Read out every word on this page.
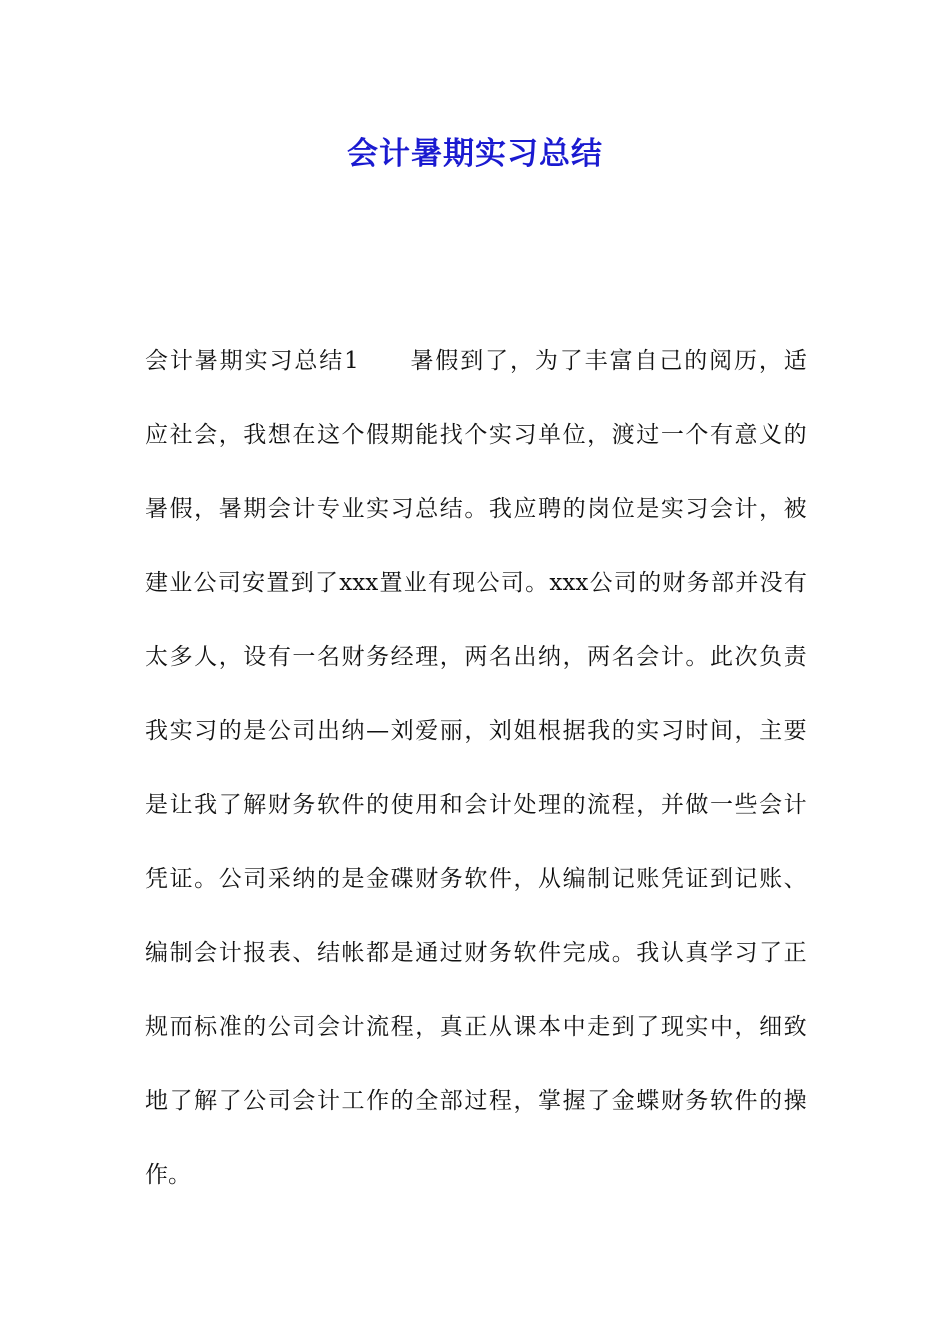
会计暑期实习总结
会 计 暑 期 实 习 总 结 1

　 暑 假 到 了 ， 为 了 丰 富 自 己 的 阅 历 ， 适
应 社 会 ， 我 想 在 这 个 假 期 能 找 个 实 习 单 位 ， 渡 过 一 个 有 意 义 的
暑 假 ， 暑 期 会 计 专 业 实 习 总 结 。 我 应 聘 的 岗 位 是 实 习 会 计 ， 被
建 业 公 司 安 置 到 了 xxx 置 业 有 现 公 司 。 xxx 公 司 的 财 务 部 并 没 有
太 多 人 ， 设 有 一 名 财 务 经 理 ， 两 名 出 纳 ， 两 名 会 计 。 此 次 负 责
我 实 习 的 是 公 司 出 纳 — 刘 爱 丽 ， 刘 姐 根 据 我 的 实 习 时 间 ， 主 要
是 让 我 了 解 财 务 软 件 的 使 用 和 会 计 处 理 的 流 程 ， 并 做 一 些 会 计
凭 证 。 公 司 采 纳 的 是 金 碟 财 务 软 件 ， 从 编 制 记 账 凭 证 到 记 账 、
编 制 会 计 报 表 、 结 帐 都 是 通 过 财 务 软 件 完 成 。 我 认 真 学 习 了 正
规 而 标 准 的 公 司 会 计 流 程 ， 真 正 从 课 本 中 走 到 了 现 实 中 ， 细 致
地 了 解 了 公 司 会 计 工 作 的 全 部 过 程 ， 掌 握 了 金 蝶 财 务 软 件 的 操
作。
